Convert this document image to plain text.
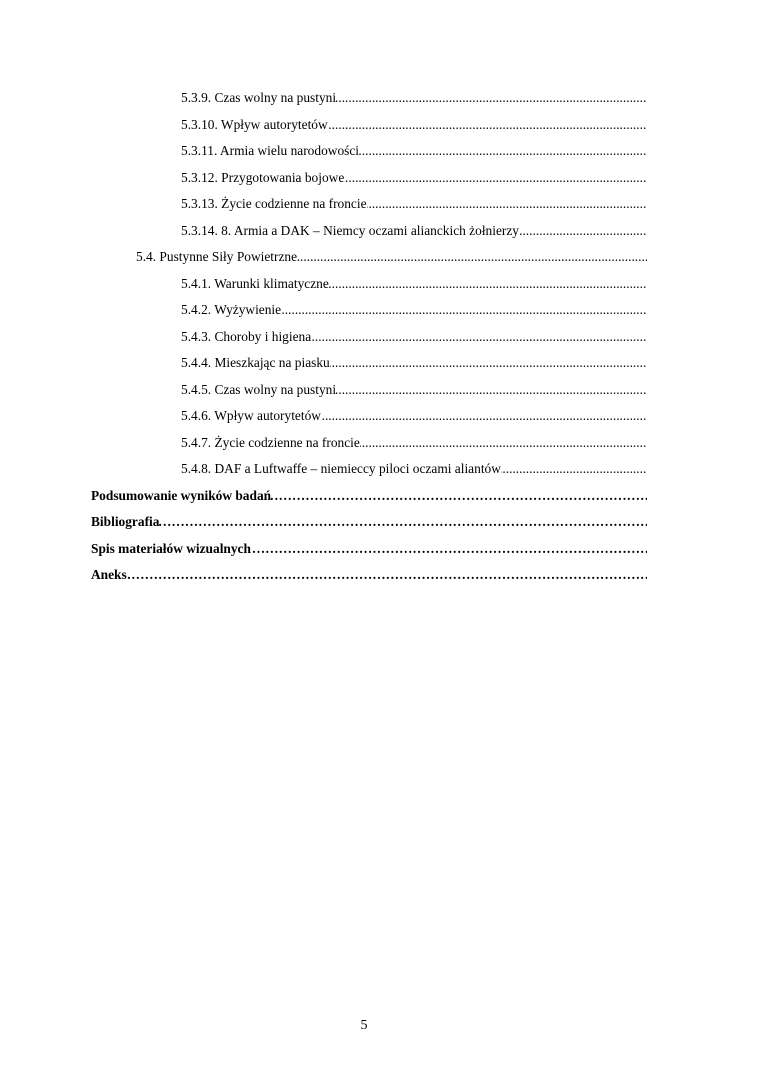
.....
5.3.9. Czas wolny na pustyni
.....
5.3.10. Wpływ autorytetów
.....
5.3.11. Armia wielu narodowości
.....
5.3.12. Przygotowania bojowe
.....
5.3.13. Życie codzienne na froncie
.....
5.3.14. 8. Armia a DAK – Niemcy oczami alianckich żołnierzy
.....
5.4. Pustynne Siły Powietrzne
.....
5.4.1. Warunki klimatyczne
.....
5.4.2. Wyżywienie
.....
5.4.3. Choroby i higiena
.....
5.4.4. Mieszkając na piasku
.....
5.4.5. Czas wolny na pustyni
.....
5.4.6. Wpływ autorytetów
.....
5.4.7. Życie codzienne na froncie
.....
5.4.8. DAF a Luftwaffe – niemieccy piloci oczami aliantów
………………………………………………………………………………………………………………………………………………………………………………
Podsumowanie wyników badań
………………………………………………………………………………………………………………………………………………………………………………
Bibliografia
………………………………………………………………………………………………………………………………………………………………………………
Spis materiałów wizualnych
………………………………………………………………………………………………………………………………………………………………………………
Aneks
5
